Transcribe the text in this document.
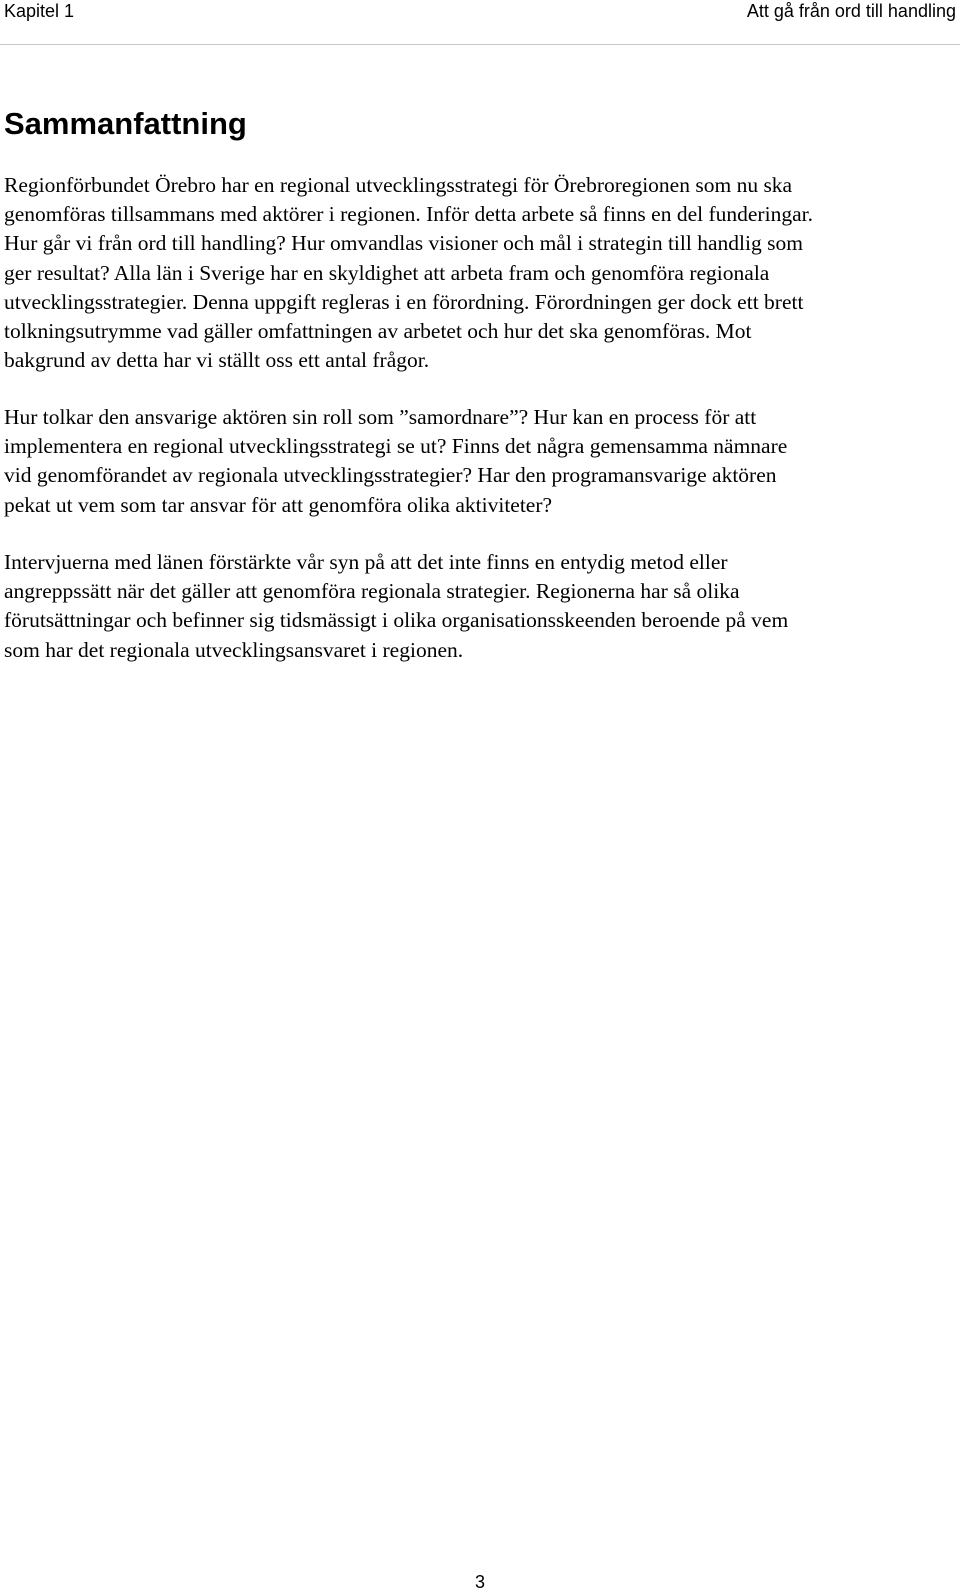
Kapitel 1	Att gå från ord till handling
Sammanfattning

Regionförbundet Örebro har en regional utvecklingsstrategi för Örebroregionen som nu ska
genomföras tillsammans med aktörer i regionen. Inför detta arbete så finns en del funderingar.
Hur går vi från ord till handling? Hur omvandlas visioner och mål i strategin till handlig som
ger resultat? Alla län i Sverige har en skyldighet att arbeta fram och genomföra regionala
utvecklingsstrategier. Denna uppgift regleras i en förordning. Förordningen ger dock ett brett
tolkningsutrymme vad gäller omfattningen av arbetet och hur det ska genomföras. Mot
bakgrund av detta har vi ställt oss ett antal frågor.

Hur tolkar den ansvarige aktören sin roll som ”samordnare”? Hur kan en process för att
implementera en regional utvecklingsstrategi se ut? Finns det några gemensamma nämnare
vid genomförandet av regionala utvecklingsstrategier? Har den programansvarige aktören
pekat ut vem som tar ansvar för att genomföra olika aktiviteter?

Intervjuerna med länen förstärkte vår syn på att det inte finns en entydig metod eller
angreppssätt när det gäller att genomföra regionala strategier. Regionerna har så olika
förutsättningar och befinner sig tidsmässigt i olika organisationsskeenden beroende på vem
som har det regionala utvecklingsansvaret i regionen.

3
